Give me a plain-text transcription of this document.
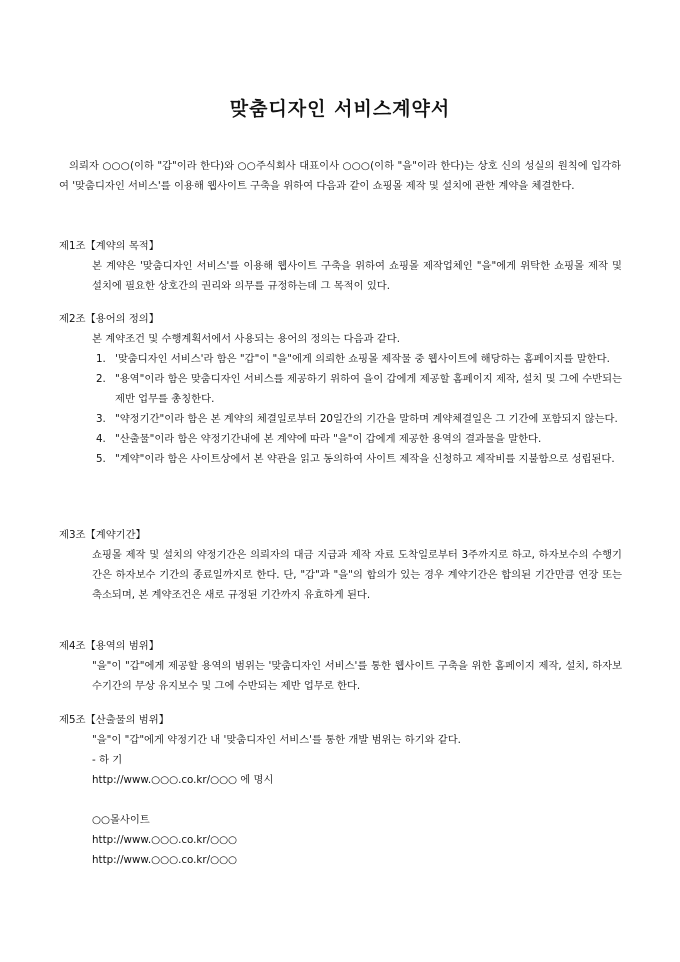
맞춤디자인 서비스계약서
의뢰자 ○○○(이하 "갑"이라 한다)와 ○○주식회사 대표이사 ○○○(이하 "을"이라 한다)는 상호 신의 성실의 원칙에 입각하여 '맞춤디자인 서비스'를 이용해 웹사이트 구축을 위하여 다음과 같이 쇼핑몰 제작 및 설치에 관한 계약을 체결한다.
제1조【계약의 목적】
본 계약은 '맞춤디자인 서비스'를 이용해 웹사이트 구축을 위하여 쇼핑몰 제작업체인 "을"에게 위탁한 쇼핑몰 제작 및 설치에 필요한 상호간의 권리와 의무를 규정하는데 그 목적이 있다.
제2조【용어의 정의】
본 계약조건 및 수행계획서에서 사용되는 용어의 정의는 다음과 같다.
1. '맞춤디자인 서비스'라 함은 "갑"이 "을"에게 의뢰한 쇼핑몰 제작물 중 웹사이트에 해당하는 홈페이지를 말한다.
2. "용역"이라 함은 맞춤디자인 서비스를 제공하기 위하여 을이 갑에게 제공할 홈페이지 제작, 설치 및 그에 수반되는 제반 업무를 총칭한다.
3. "약정기간"이라 함은 본 계약의 체결일로부터 20일간의 기간을 말하며 계약체결일은 그 기간에 포함되지 않는다.
4. "산출물"이라 함은 약정기간내에 본 계약에 따라 "을"이 갑에게 제공한 용역의 결과물을 말한다.
5. "계약"이라 함은 사이트상에서 본 약관을 읽고 동의하여 사이트 제작을 신청하고 제작비를 지불함으로 성립된다.
제3조【계약기간】
쇼핑몰 제작 및 설치의 약정기간은 의뢰자의 대금 지급과 제작 자료 도착일로부터 3주까지로 하고, 하자보수의 수행기간은 하자보수 기간의 종료일까지로 한다. 단, "갑"과 "을"의 합의가 있는 경우 계약기간은 합의된 기간만큼 연장 또는 축소되며, 본 계약조건은 새로 규정된 기간까지 유효하게 된다.
제4조【용역의 범위】
"을"이 "갑"에게 제공할 용역의 범위는 '맞춤디자인 서비스'를 통한 웹사이트 구축을 위한 홈페이지 제작, 설치, 하자보수기간의 무상 유지보수 및 그에 수반되는 제반 업무로 한다.
제5조【산출물의 범위】
"을"이 "갑"에게 약정기간 내 '맞춤디자인 서비스'를 통한 개발 범위는 하기와 같다.
- 하 기
http://www.○○○.co.kr/○○○ 에 명시
○○몰사이트
http://www.○○○.co.kr/○○○
http://www.○○○.co.kr/○○○
